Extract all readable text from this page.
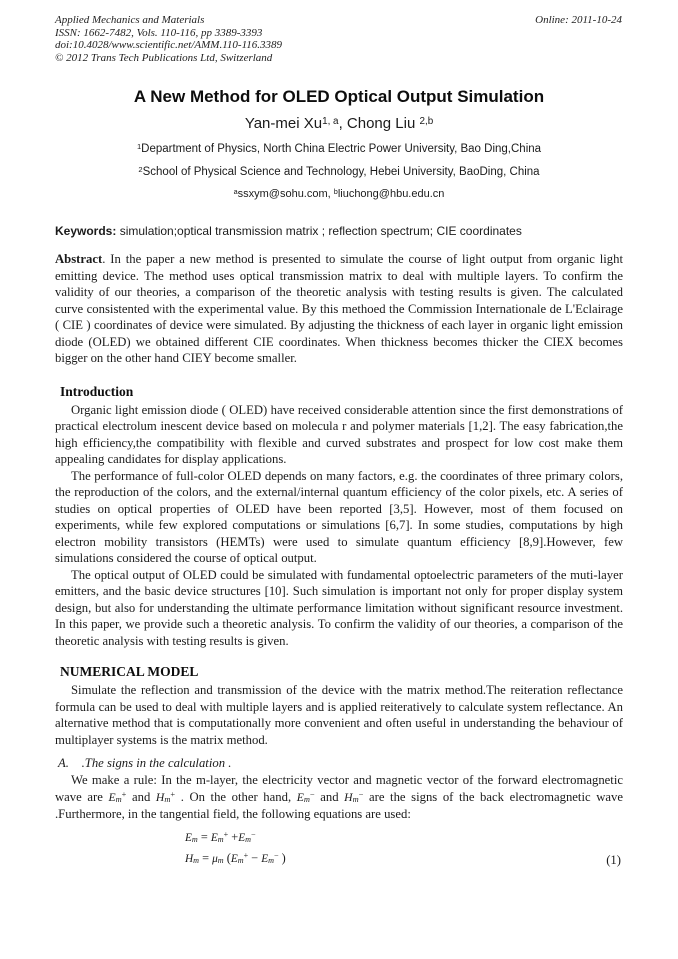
Applied Mechanics and Materials
ISSN: 1662-7482, Vols. 110-116, pp 3389-3393
doi:10.4028/www.scientific.net/AMM.110-116.3389
© 2012 Trans Tech Publications Ltd, Switzerland
Online: 2011-10-24
A New Method for OLED Optical Output Simulation
Yan-mei Xu$^{1, a}$, Chong Liu $^{2,b}$
$^1$Department of Physics, North China Electric Power University, Bao Ding,China
$^2$School of Physical Science and Technology, Hebei University, BaoDing, China
$^a$ssxym@sohu.com, $^b$liuchong@hbu.edu.cn
Keywords: simulation;optical transmission matrix ; reflection spectrum; CIE coordinates

Abstract. In the paper a new method is presented to simulate the course of light output from organic light emitting device. The method uses optical transmission matrix to deal with multiple layers. To confirm the validity of our theories, a comparison of the theoretic analysis with testing results is given. The calculated curve consistented with the experimental value. By this methoed the Commission Internationale de L'Eclairage ( CIE ) coordinates of device were simulated. By adjusting the thickness of each layer in organic light emission diode (OLED) we obtained different CIE coordinates. When thickness becomes thicker the CIEX becomes bigger on the other hand CIEY become smaller.

Introduction

Organic light emission diode ( OLED) have received considerable attention since the first demonstrations of practical electrolum inescent device based on molecula r and polymer materials [1,2]. The easy fabrication,the high efficiency,the compatibility with flexible and curved substrates and prospect for low cost make them appealing candidates for display applications.

The performance of full-color OLED depends on many factors, e.g. the coordinates of three primary colors, the reproduction of the colors, and the external/internal quantum efficiency of the color pixels, etc. A series of studies on optical properties of OLED have been reported [3,5]. However, most of them focused on experiments, while few explored computations or simulations [6,7]. In some studies, computations by high electron mobility transistors (HEMTs) were used to simulate quantum efficiency [8,9].However, few simulations considered the course of optical output.

The optical output of OLED could be simulated with fundamental optoelectric parameters of the muti-layer emitters, and the basic device structures [10]. Such simulation is important not only for proper display system design, but also for understanding the ultimate performance limitation without significant resource investment. In this paper, we provide such a theoretic analysis. To confirm the validity of our theories, a comparison of the theoretic analysis with testing results is given.

NUMERICAL MODEL

Simulate the reflection and transmission of the device with the matrix method.The reiteration reflectance formula can be used to deal with multiple layers and is applied reiteratively to calculate system reflectance. An alternative method that is computationally more convenient and often useful in understanding the behaviour of multiplayer systems is the matrix method.

A.    .The signs in the calculation .

We make a rule: In the m-layer, the electricity vector and magnetic vector of the forward electromagnetic wave are Em+ and Hm+ . On the other hand, Em− and Hm− are the signs of the back electromagnetic wave .Furthermore, in the tangential field, the following equations are used:

Em = Em+ +Em−
Hm = μm (Em+ − Em− )	(1)
